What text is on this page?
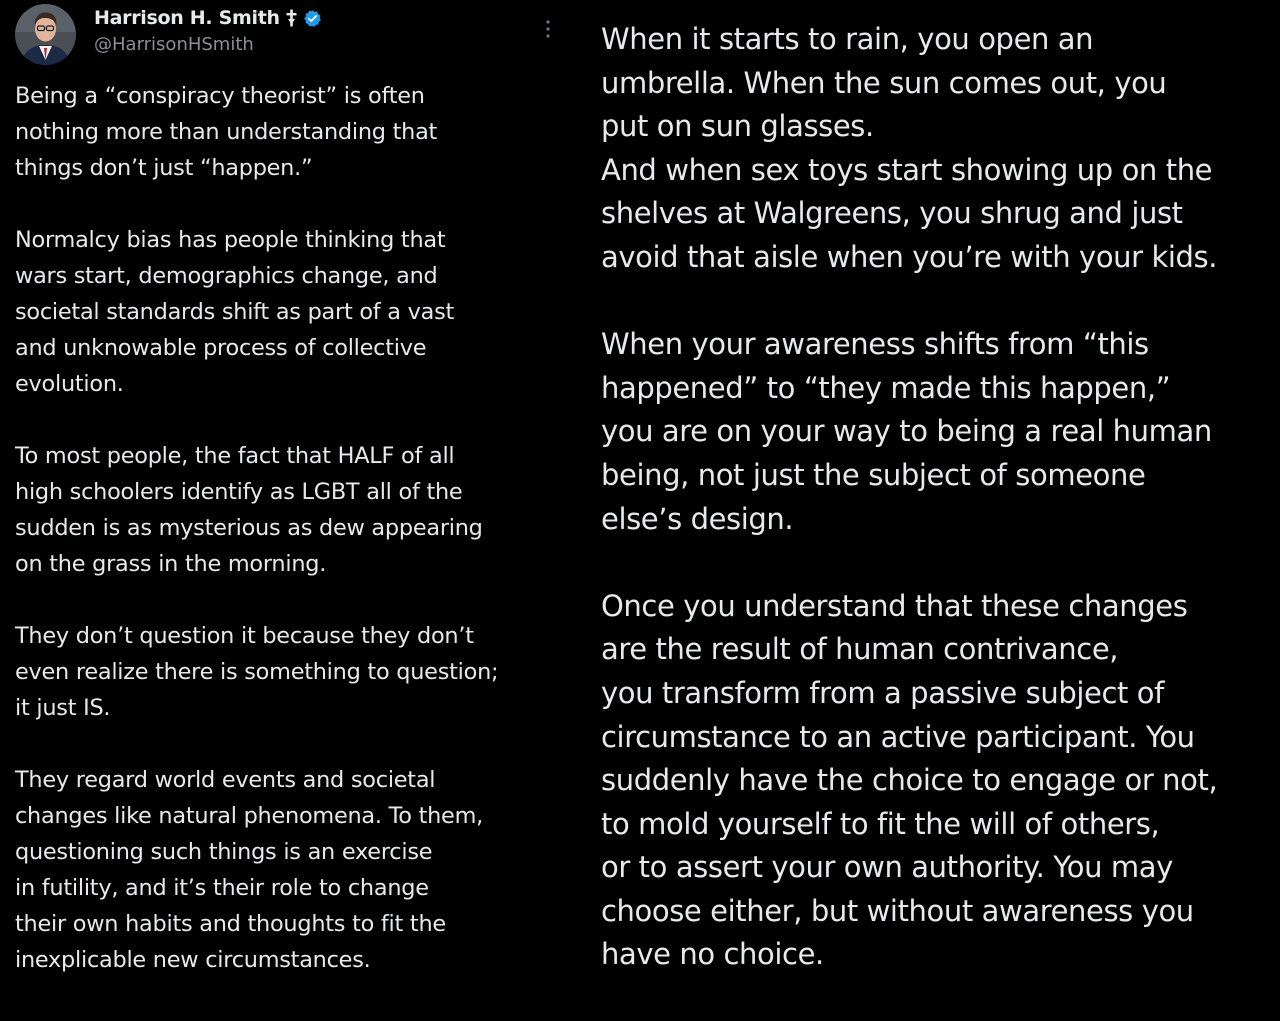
Harrison H. Smith
@HarrisonHSmith

Being a “conspiracy theorist” is often
nothing more than understanding that
things don’t just “happen.”

Normalcy bias has people thinking that
wars start, demographics change, and
societal standards shift as part of a vast
and unknowable process of collective
evolution.

To most people, the fact that HALF of all
high schoolers identify as LGBT all of the
sudden is as mysterious as dew appearing
on the grass in the morning.

They don’t question it because they don’t
even realize there is something to question;
it just IS.

They regard world events and societal
changes like natural phenomena. To them,
questioning such things is an exercise
in futility, and it’s their role to change
their own habits and thoughts to fit the
inexplicable new circumstances.

When it starts to rain, you open an
umbrella. When the sun comes out, you
put on sun glasses.
And when sex toys start showing up on the
shelves at Walgreens, you shrug and just
avoid that aisle when you’re with your kids.

When your awareness shifts from “this
happened” to “they made this happen,”
you are on your way to being a real human
being, not just the subject of someone
else’s design.

Once you understand that these changes
are the result of human contrivance,
you transform from a passive subject of
circumstance to an active participant. You
suddenly have the choice to engage or not,
to mold yourself to fit the will of others,
or to assert your own authority. You may
choose either, but without awareness you
have no choice.
